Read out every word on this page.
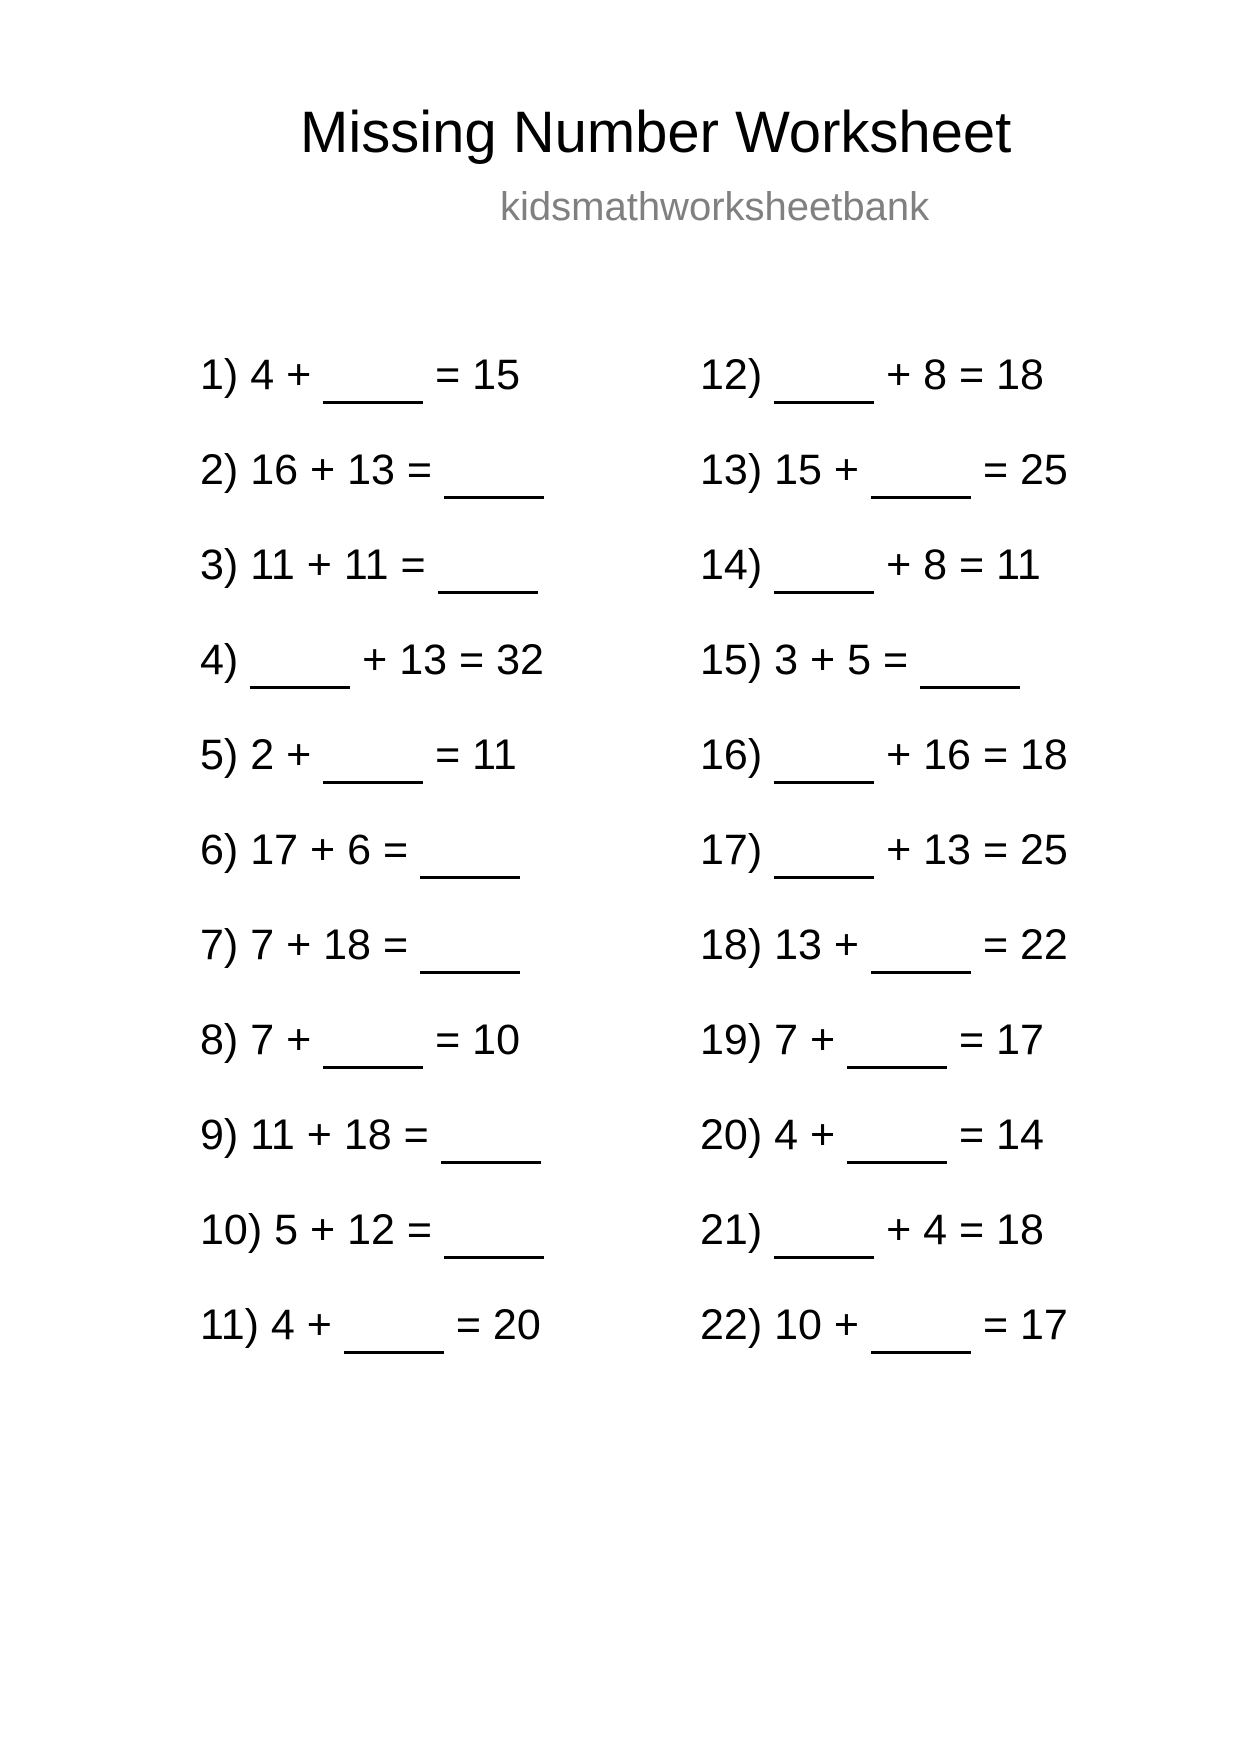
Missing Number Worksheet
kidsmathworksheetbank
1) 4 +	= 15
2) 16 + 13 =
3) 11 + 11 =
4)	+ 13 = 32
5) 2 +	= 11
6) 17 + 6 =
7) 7 + 18 =
8) 7 +	= 10
9) 11 + 18 =
10) 5 + 12 =
11) 4 +	= 20
12)	+ 8 = 18
13) 15 +	= 25
14)	+ 8 = 11
15) 3 + 5 =
16)	+ 16 = 18
17)	+ 13 = 25
18) 13 +	= 22
19) 7 +	= 17
20) 4 +	= 14
21)	+ 4 = 18
22) 10 +	= 17
